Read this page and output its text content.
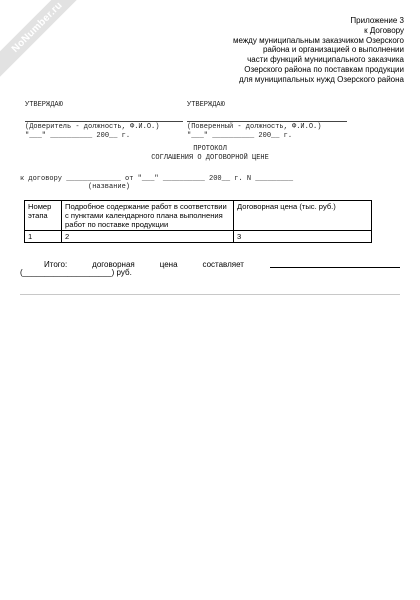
NoNumber.ru	Приложение 3
к Договору
между муниципальным заказчиком Озерского
района и организацией о выполнении
части функций муниципального заказчика
Озерского района по поставкам продукции
для муниципальных нужд Озерского района
УТВЕРЖДАЮ
(Доверитель - должность, Ф.И.О.)
"___" __________ 200__ г.
УТВЕРЖДАЮ
(Поверенный - должность, Ф.И.О.)
"___" __________ 200__ г.
ПРОТОКОЛ
СОГЛАШЕНИЯ О ДОГОВОРНОЙ ЦЕНЕ
к договору _____________ от "___" __________ 200__ г. N _________
(название)
Номер этапа	Подробное содержание работ в соответствии с пунктами календарного плана выполнения работ по поставке продукции	Договорная цена (тыс. руб.)
1	2	3
Итого:	договорная	цена	составляет
(____________________) руб.
